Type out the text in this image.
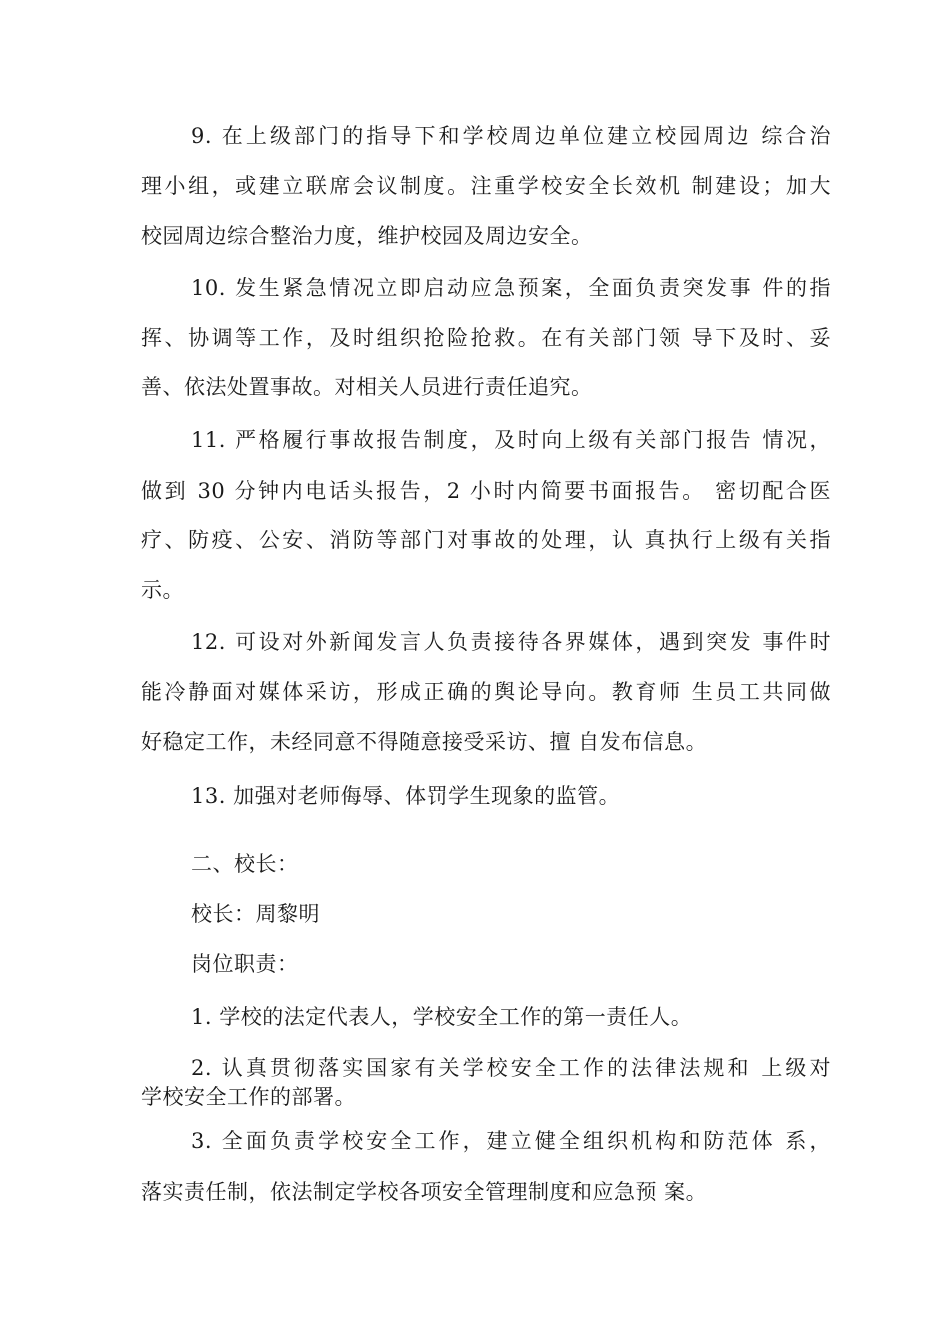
9. 在上级部门的指导下和学校周边单位建立校园周边 综合治
理小组，或建立联席会议制度。注重学校安全长效机 制建设；加大
校园周边综合整治力度，维护校园及周边安全。
10. 发生紧急情况立即启动应急预案，全面负责突发事 件的指
挥、协调等工作，及时组织抢险抢救。在有关部门领 导下及时、妥
善、依法处置事故。对相关人员进行责任追究。
11. 严格履行事故报告制度，及时向上级有关部门报告 情况，
做到 30 分钟内电话头报告，2 小时内简要书面报告。 密切配合医
疗、防疫、公安、消防等部门对事故的处理，认 真执行上级有关指
示。
12. 可设对外新闻发言人负责接待各界媒体，遇到突发 事件时
能冷静面对媒体采访，形成正确的舆论导向。教育师 生员工共同做
好稳定工作，未经同意不得随意接受采访、擅 自发布信息。
13. 加强对老师侮辱、体罚学生现象的监管。
二、校长：
校长：周黎明
岗位职责：
1. 学校的法定代表人，学校安全工作的第一责任人。
2. 认真贯彻落实国家有关学校安全工作的法律法规和 上级对
学校安全工作的部署。
3. 全面负责学校安全工作，建立健全组织机构和防范体 系，
落实责任制，依法制定学校各项安全管理制度和应急预 案。
